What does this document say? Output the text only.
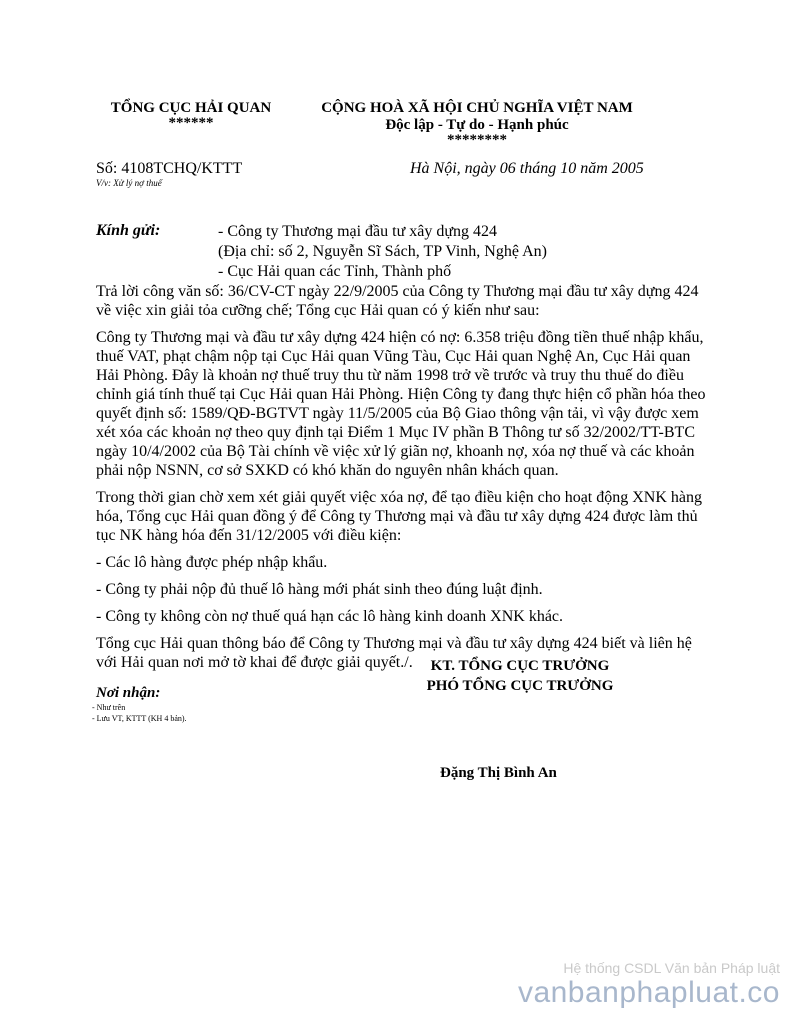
TỔNG CỤC HẢI QUAN
******
CỘNG HOÀ XÃ HỘI CHỦ NGHĨA VIỆT NAM
Độc lập - Tự do - Hạnh phúc
********
Số: 4108TCHQ/KTTT
V/v: Xử lý nợ thuế
Hà Nội, ngày 06 tháng 10 năm 2005
Kính gửi:	- Công ty Thương mại đầu tư xây dựng 424
(Địa chỉ: số 2, Nguyễn Sĩ Sách, TP Vinh, Nghệ An)
- Cục Hải quan các Tỉnh, Thành phố

Trả lời công văn số: 36/CV-CT ngày 22/9/2005 của Công ty Thương mại đầu tư xây dựng 424 về việc xin giải tỏa cưỡng chế; Tổng cục Hải quan có ý kiến như sau:

Công ty Thương mại và đầu tư xây dựng 424 hiện có nợ: 6.358 triệu đồng tiền thuế nhập khẩu, thuế VAT, phạt chậm nộp tại Cục Hải quan Vũng Tàu, Cục Hải quan Nghệ An, Cục Hải quan Hải Phòng. Đây là khoản nợ thuế truy thu từ năm 1998 trở về trước và truy thu thuế do điều chỉnh giá tính thuế tại Cục Hải quan Hải Phòng. Hiện Công ty đang thực hiện cổ phần hóa theo quyết định số: 1589/QĐ-BGTVT ngày 11/5/2005 của Bộ Giao thông vận tải, vì vậy được xem xét xóa các khoản nợ theo quy định tại Điểm 1 Mục IV phần B Thông tư số 32/2002/TT-BTC ngày 10/4/2002 của Bộ Tài chính về việc xử lý giãn nợ, khoanh nợ, xóa nợ thuế và các khoản phải nộp NSNN, cơ sở SXKD có khó khăn do nguyên nhân khách quan.

Trong thời gian chờ xem xét giải quyết việc xóa nợ, để tạo điều kiện cho hoạt động XNK hàng hóa, Tổng cục Hải quan đồng ý để Công ty Thương mại và đầu tư xây dựng 424 được làm thủ tục NK hàng hóa đến 31/12/2005 với điều kiện:

- Các lô hàng được phép nhập khẩu.

- Công ty phải nộp đủ thuế lô hàng mới phát sinh theo đúng luật định.

- Công ty không còn nợ thuế quá hạn các lô hàng kinh doanh XNK khác.

Tổng cục Hải quan thông báo để Công ty Thương mại và đầu tư xây dựng 424 biết và liên hệ với Hải quan nơi mở tờ khai để được giải quyết./.	KT. TỔNG CỤC TRƯỞNG
PHÓ TỔNG CỤC TRƯỞNG
Đặng Thị Bình An
Nơi nhận:
- Như trên
- Lưu VT, KTTT (KH 4 bản).
Hệ thống CSDL Văn bản Pháp luật
vanbanphapluat.co
